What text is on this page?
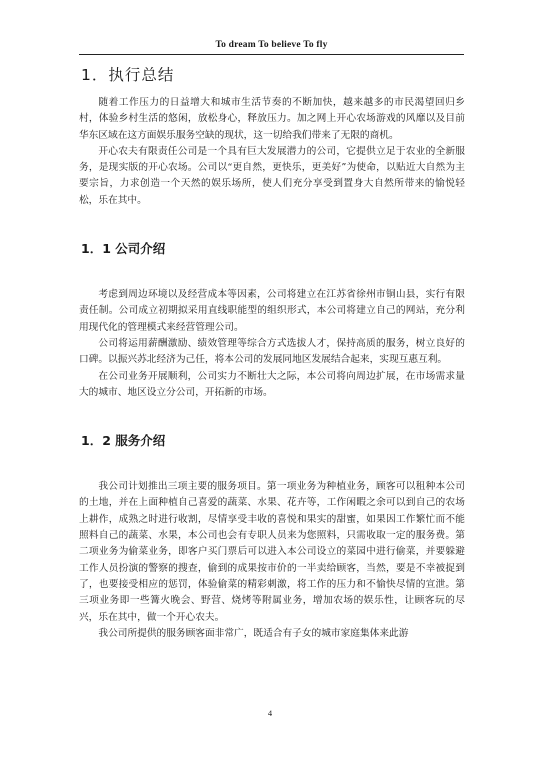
To dream To believe To fly
1．执行总结

随着工作压力的日益增大和城市生活节奏的不断加快，越来越多的市民渴望回归乡村，体验乡村生活的悠闲，放松身心，释放压力。加之网上开心农场游戏的风靡以及目前华东区域在这方面娱乐服务空缺的现状，这一切给我们带来了无限的商机。

开心农夫有限责任公司是一个具有巨大发展潜力的公司，它提供立足于农业的全新服务，是现实版的开心农场。公司以“更自然，更快乐，更美好”为使命，以贴近大自然为主要宗旨，力求创造一个天然的娱乐场所，使人们充分享受到置身大自然所带来的愉悦轻松，乐在其中。

1．1 公司介绍

考虑到周边环境以及经营成本等因素，公司将建立在江苏省徐州市铜山县，实行有限责任制。公司成立初期拟采用直线职能型的组织形式，本公司将建立自己的网站，充分利用现代化的管理模式来经营管理公司。

公司将运用薪酬激励、绩效管理等综合方式选拔人才，保持高质的服务，树立良好的口碑。以振兴苏北经济为己任，将本公司的发展同地区发展结合起来，实现互惠互利。

在公司业务开展顺利，公司实力不断壮大之际，本公司将向周边扩展，在市场需求量大的城市、地区设立分公司，开拓新的市场。

1．2 服务介绍

我公司计划推出三项主要的服务项目。第一项业务为种植业务，顾客可以租种本公司的土地，并在上面种植自己喜爱的蔬菜、水果、花卉等，工作闲暇之余可以到自己的农场上耕作，成熟之时进行收割，尽情享受丰收的喜悦和果实的甜蜜，如果因工作繁忙而不能照料自己的蔬菜、水果，本公司也会有专职人员来为您照料，只需收取一定的服务费。第二项业务为偷菜业务，即客户买门票后可以进入本公司设立的菜园中进行偷菜，并要躲避工作人员扮演的警察的搜查，偷到的成果按市价的一半卖给顾客，当然，要是不幸被捉到了，也要接受相应的惩罚，体验偷菜的精彩刺激，将工作的压力和不愉快尽情的宣泄。第三项业务即一些篝火晚会、野营、烧烤等附属业务，增加农场的娱乐性，让顾客玩的尽兴，乐在其中，做一个开心农夫。

我公司所提供的服务顾客面非常广，既适合有子女的城市家庭集体来此游

4
